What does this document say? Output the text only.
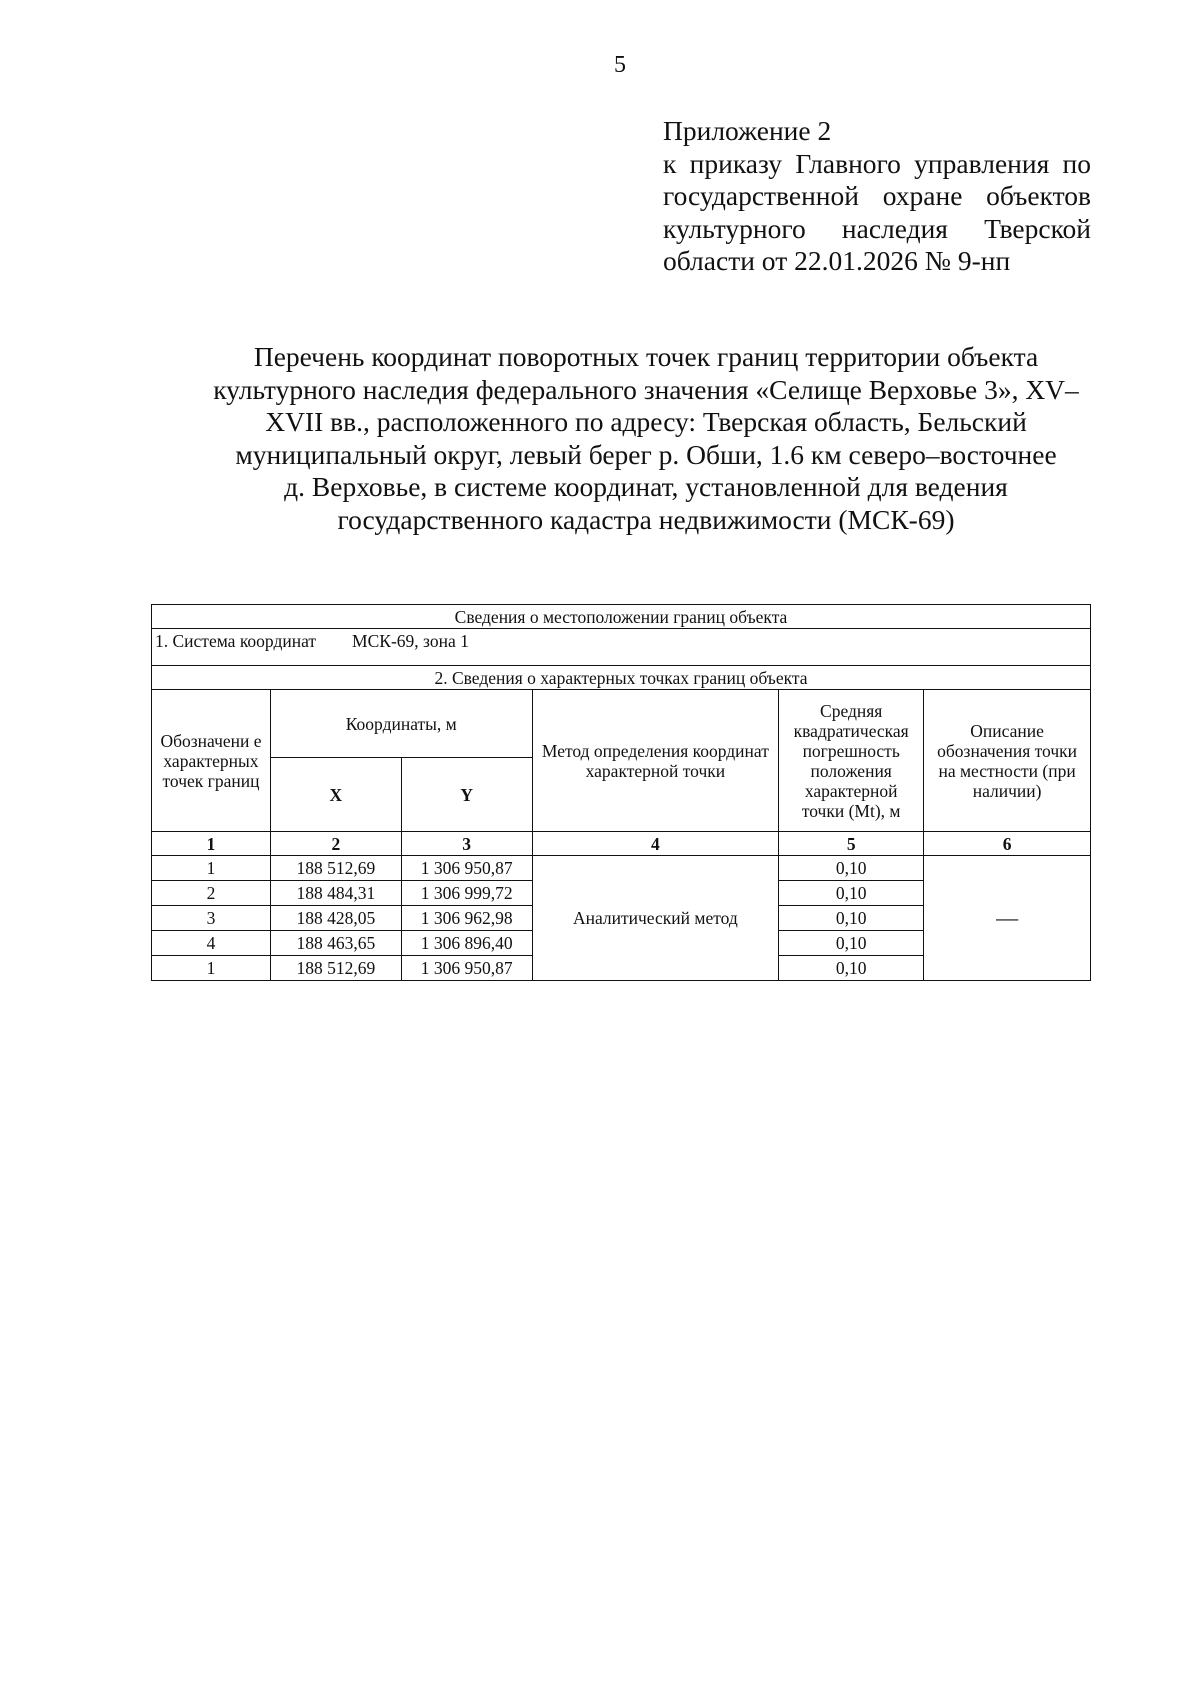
5
Приложение 2
к приказу Главного управления по государственной охране объектов культурного наследия Тверской области от 22.01.2026 № 9-нп
Перечень координат поворотных точек границ территории объекта
культурного наследия федерального значения «Селище Верховье 3», XV–
XVII вв., расположенного по адресу: Тверская область, Бельский
муниципальный округ, левый берег р. Обши, 1.6 км северо–восточнее
д. Верховье, в системе координат, установленной для ведения
государственного кадастра недвижимости (МСК-69)
Сведения о местоположении границ объекта					
1. Система координат МСК-69, зона 1					
2. Сведения о характерных точках границ объекта					
Обозначени е характерных точек границ	Координаты, м		Метод определения координат характерной точки	Средняя квадратическая погрешность положения характерной точки (Mt), м	Описание обозначения точки на местности (при наличии)
	X	Y			
1	2	3	4	5	6
1	188 512,69	1 306 950,87	Аналитический метод	0,10	—
2	188 484,31	1 306 999,72		0,10	
3	188 428,05	1 306 962,98		0,10	
4	188 463,65	1 306 896,40		0,10	
1	188 512,69	1 306 950,87		0,10	
